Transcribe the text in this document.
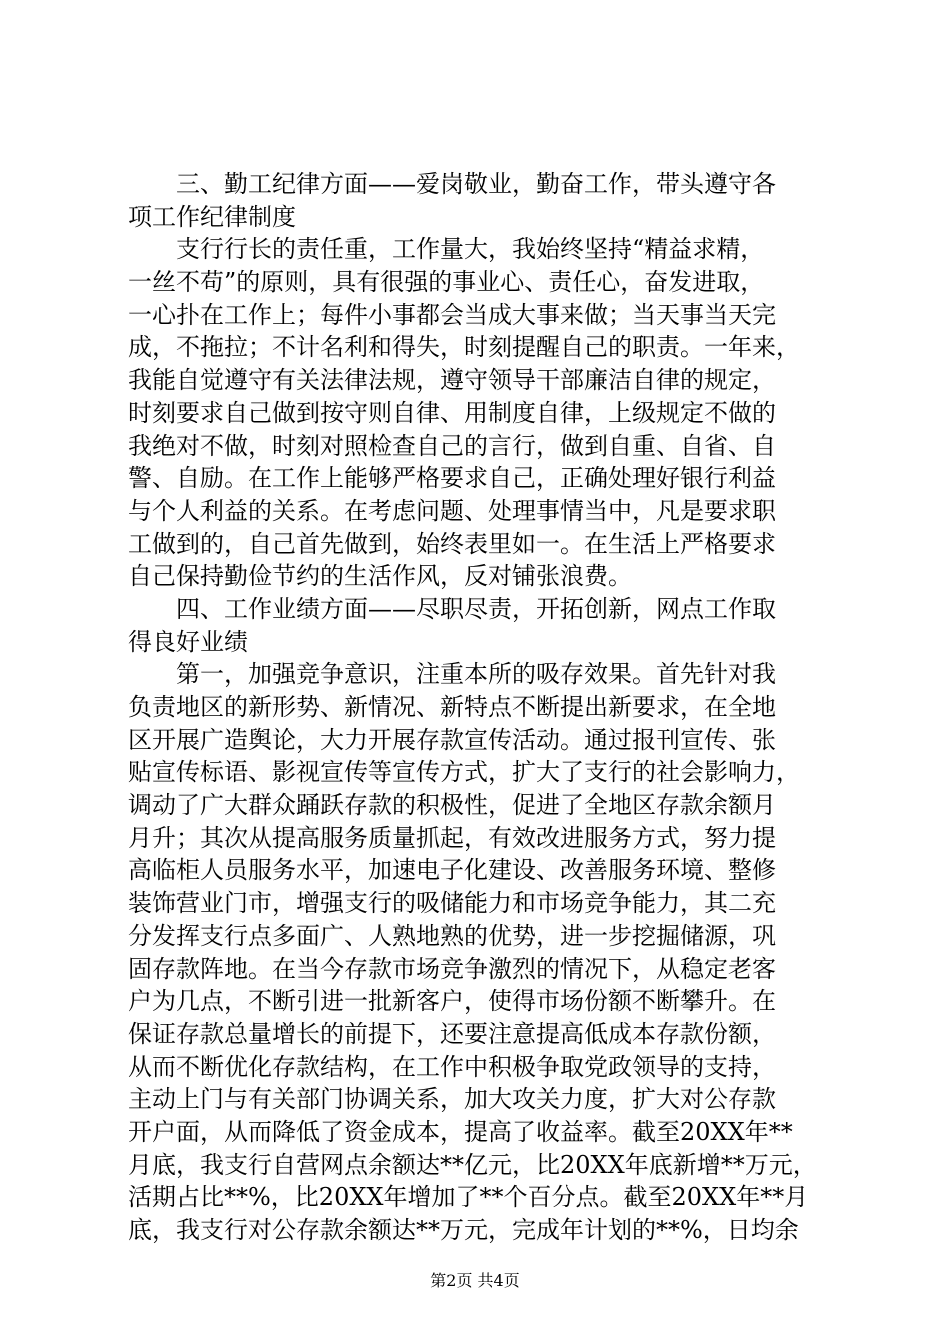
三、勤工纪律方面——爱岗敬业，勤奋工作，带头遵守各
项工作纪律制度
支行行长的责任重，工作量大，我始终坚持“精益求精，
一丝不苟”的原则，具有很强的事业心、责任心，奋发进取，
一心扑在工作上；每件小事都会当成大事来做；当天事当天完
成，不拖拉；不计名利和得失，时刻提醒自己的职责。一年来，
我能自觉遵守有关法律法规，遵守领导干部廉洁自律的规定，
时刻要求自己做到按守则自律、用制度自律，上级规定不做的
我绝对不做，时刻对照检查自己的言行，做到自重、自省、自
警、自励。在工作上能够严格要求自己，正确处理好银行利益
与个人利益的关系。在考虑问题、处理事情当中，凡是要求职
工做到的，自己首先做到，始终表里如一。在生活上严格要求
自己保持勤俭节约的生活作风，反对铺张浪费。
四、工作业绩方面——尽职尽责，开拓创新，网点工作取
得良好业绩
第一，加强竞争意识，注重本所的吸存效果。首先针对我
负责地区的新形势、新情况、新特点不断提出新要求，在全地
区开展广造舆论，大力开展存款宣传活动。通过报刊宣传、张
贴宣传标语、影视宣传等宣传方式，扩大了支行的社会影响力，
调动了广大群众踊跃存款的积极性，促进了全地区存款余额月
月升；其次从提高服务质量抓起，有效改进服务方式，努力提
高临柜人员服务水平，加速电子化建设、改善服务环境、整修
装饰营业门市，增强支行的吸储能力和市场竞争能力，其二充
分发挥支行点多面广、人熟地熟的优势，进一步挖掘储源，巩
固存款阵地。在当今存款市场竞争激烈的情况下，从稳定老客
户为几点，不断引进一批新客户，使得市场份额不断攀升。在
保证存款总量增长的前提下，还要注意提高低成本存款份额，
从而不断优化存款结构，在工作中积极争取党政领导的支持，
主动上门与有关部门协调关系，加大攻关力度，扩大对公存款
开户面，从而降低了资金成本，提高了收益率。截至20XX年**
月底，我支行自营网点余额达**亿元，比20XX年底新增**万元，
活期占比**%，比20XX年增加了**个百分点。截至20XX年**月
底，我支行对公存款余额达**万元，完成年计划的**%，日均余
第2页 共4页
